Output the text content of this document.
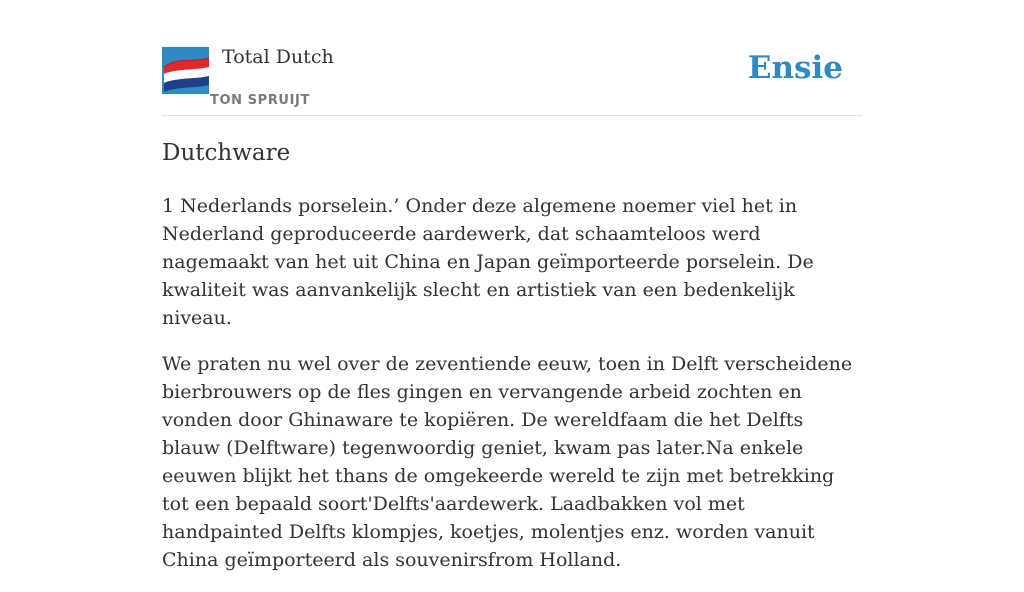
Total Dutch
TON SPRUIJT
Ensie
Dutchware

1 Nederlands porselein.’ Onder deze algemene noemer viel het in Nederland geproduceerde aardewerk, dat schaamteloos werd nagemaakt van het uit China en Japan geïmporteerde porselein. De kwaliteit was aanvankelijk slecht en artistiek van een bedenkelijk niveau.

We praten nu wel over de zeventiende eeuw, toen in Delft verscheidene bierbrouwers op de fles gingen en vervangende arbeid zochten en vonden door Ghinaware te kopiëren. De wereldfaam die het Delfts blauw (Delftware) tegenwoordig geniet, kwam pas later.Na enkele eeuwen blijkt het thans de omgekeerde wereld te zijn met betrekking tot een bepaald soort'Delfts'aardewerk. Laadbakken vol met handpainted Delfts klompjes, koetjes, molentjes enz. worden vanuit China geïmporteerd als souvenirsfrom Holland.
